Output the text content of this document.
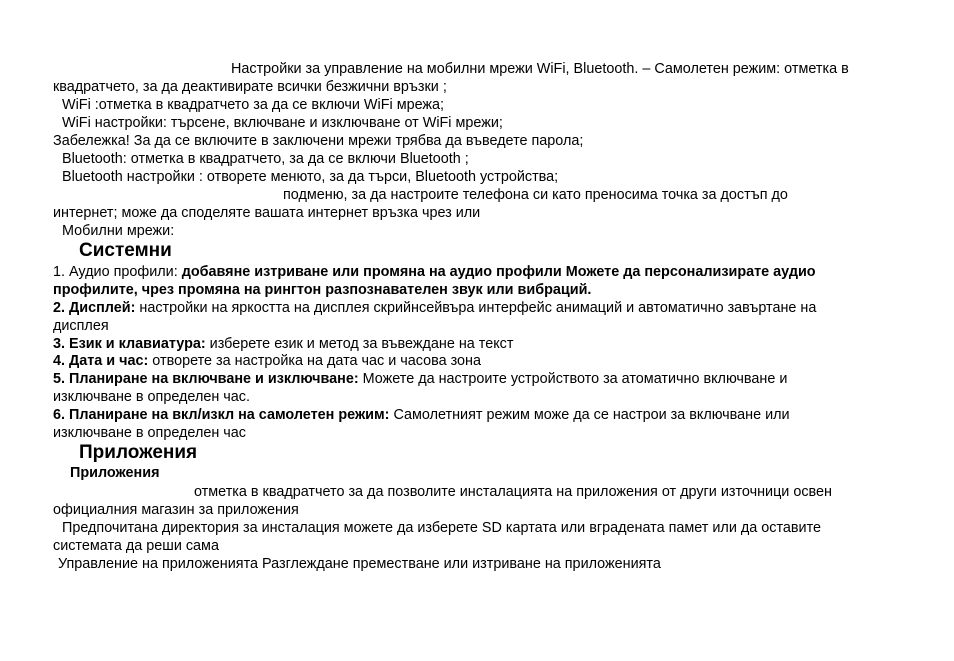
Настройки за управление на мобилни мрежи WiFi, Bluetooth. – Самолетен режим: отметка в
квадратчето, за да деактивирате всички безжични връзки ;
WiFi :отметка в квадратчето за да се включи WiFi мрежа;
WiFi настройки: търсене, включване и изключване от WiFi мрежи;
Забележка! За да се включите в заключени мрежи трябва да въведете парола;
Bluetooth: отметка в квадратчето, за да се включи Bluetooth ;
Bluetooth настройки : отворете менюто, за да търси, Bluetooth устройства;
подменю, за да настроите телефона си като преносима точка за достъп до
интернет; може да споделяте вашата интернет връзка чрез или
Мобилни мрежи:
Системни
1. Аудио профили: добавяне изтриване или промяна на аудио профили Можете да персонализирате аудио
профилите, чрез промяна на рингтон разпознавателен звук или вибраций.
2. Дисплей: настройки на яркостта на дисплея скрийнсейвъра интерфейс анимаций и автоматично завъртане на
дисплея
3. Език и клавиатура: изберете език и метод за въвеждане на текст
4. Дата и час: отворете за настройка на дата час и часова зона
5. Планиране на включване и изключване: Можете да настроите устройството за атоматично включване и
изключване в определен час.
6. Планиране на вкл/изкл на самолетен режим: Самолетният режим може да се настрои за включване или
изключване в определен час
Приложения
Приложения
отметка в квадратчето за да позволите инсталацията на приложения от други източници освен
официалния магазин за приложения
Предпочитана директория за инсталация можете да изберете SD картата или вградената памет или да оставите
системата да реши сама
Управление на приложенията Разглеждане преместване или изтриване на приложенията
